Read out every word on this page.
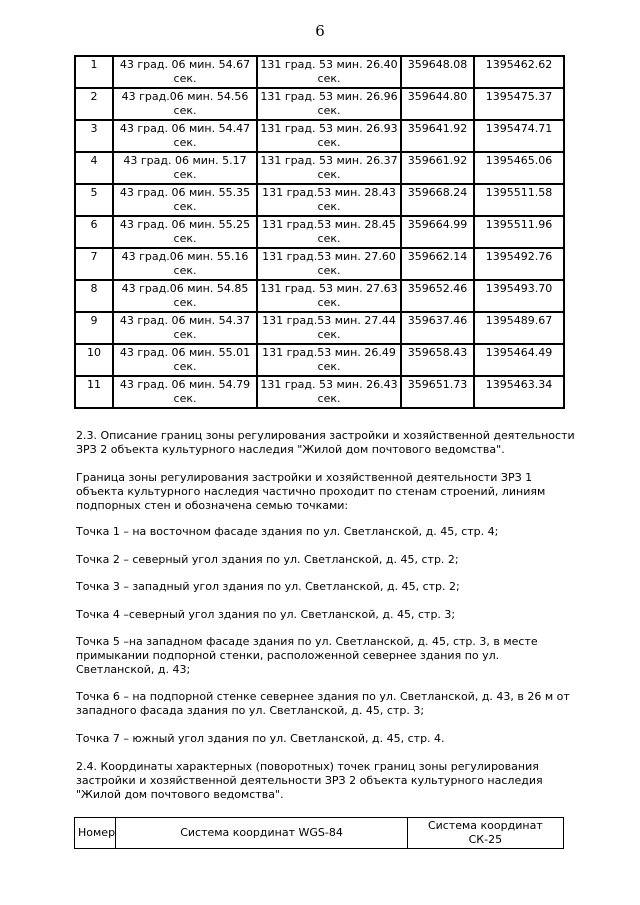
6
1	43 град. 06 мин. 54.67 сек.	131 град. 53 мин. 26.40 сек.	359648.08	1395462.62
2	43 град.06 мин. 54.56 сек.	131 град. 53 мин. 26.96 сек.	359644.80	1395475.37
3	43 град. 06 мин. 54.47 сек.	131 град. 53 мин. 26.93 сек.	359641.92	1395474.71
4	43 град. 06 мин. 5.17 сек.	131 град. 53 мин. 26.37 сек.	359661.92	1395465.06
5	43 град. 06 мин. 55.35 сек.	131 град.53 мин. 28.43 сек.	359668.24	1395511.58
6	43 град. 06 мин. 55.25 сек.	131 град.53 мин. 28.45 сек.	359664.99	1395511.96
7	43 град.06 мин. 55.16 сек.	131 град.53 мин. 27.60 сек.	359662.14	1395492.76
8	43 град.06 мин. 54.85 сек.	131 град. 53 мин. 27.63 сек.	359652.46	1395493.70
9	43 град. 06 мин. 54.37 сек.	131 град.53 мин. 27.44 сек.	359637.46	1395489.67
10	43 град. 06 мин. 55.01 сек.	131 град.53 мин. 26.49 сек.	359658.43	1395464.49
11	43 град. 06 мин. 54.79 сек.	131 град. 53 мин. 26.43 сек.	359651.73	1395463.34
2.3. Описание границ зоны регулирования застройки и хозяйственной деятельности ЗРЗ 2 объекта культурного наследия "Жилой дом почтового ведомства".
Граница зоны регулирования застройки и хозяйственной деятельности ЗРЗ 1 объекта культурного наследия частично проходит по стенам строений, линиям подпорных стен и обозначена семью точками:
Точка 1 – на восточном фасаде здания по ул. Светланской, д. 45, стр. 4;
Точка 2 – северный угол здания по ул. Светланской, д. 45, стр. 2;
Точка 3 – западный угол здания по ул. Светланской, д. 45, стр. 2;
Точка 4 –северный угол здания по ул. Светланской, д. 45, стр. 3;
Точка 5 –на западном фасаде здания по ул. Светланской, д. 45, стр. 3, в месте примыкании подпорной стенки, расположенной севернее здания по ул. Светланской, д. 43;
Точка 6 – на подпорной стенке севернее здания по ул. Светланской, д. 43, в 26 м от западного фасада здания по ул. Светланской, д. 45, стр. 3;
Точка 7 – южный угол здания по ул. Светланской, д. 45, стр. 4.
2.4. Координаты характерных (поворотных) точек границ зоны регулирования застройки и хозяйственной деятельности ЗРЗ 2 объекта культурного наследия "Жилой дом почтового ведомства".
Номер	Система координат WGS-84	Система координат СК-25
